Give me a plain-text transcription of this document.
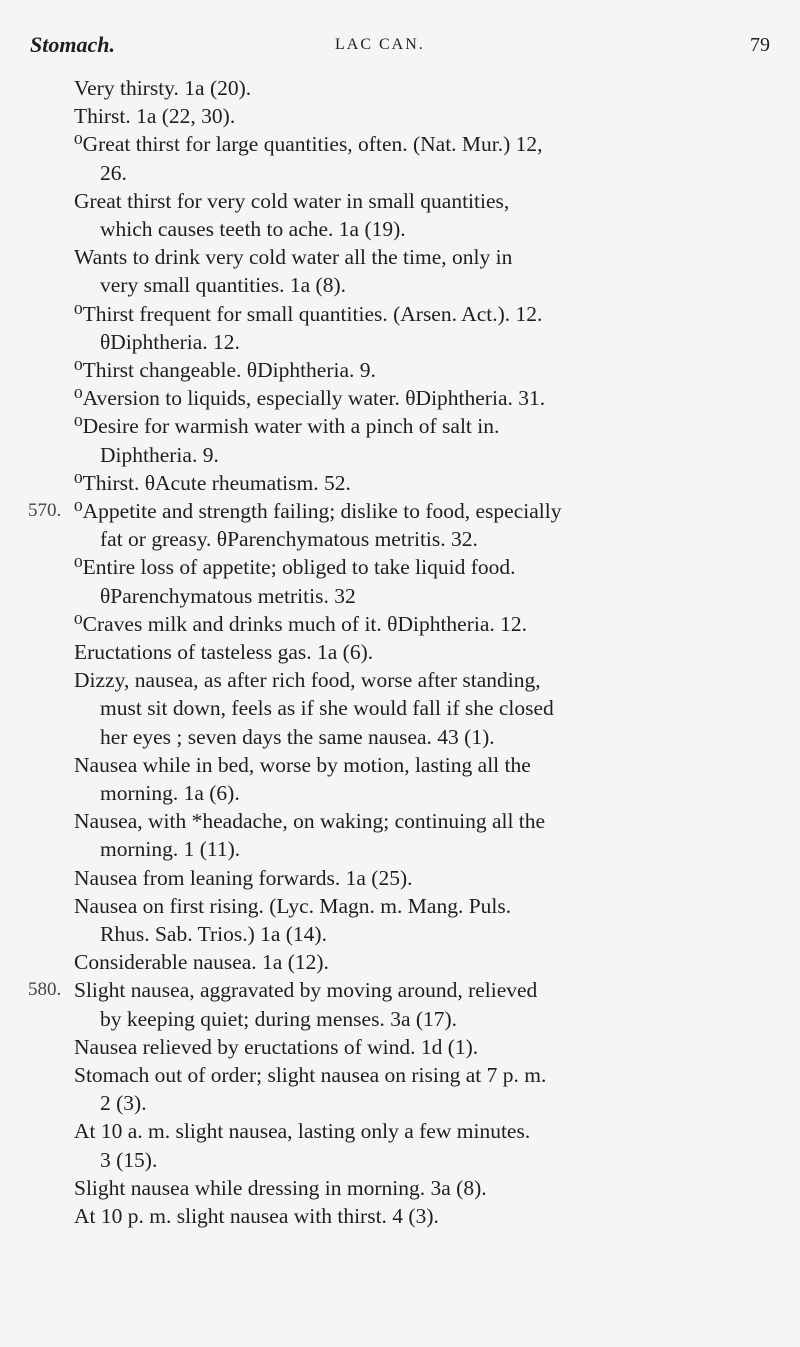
Stomach.	LAC CAN.	79
Very thirsty. 1a (20).
Thirst. 1a (22, 30).
⁰Great thirst for large quantities, often. (Nat. Mur.) 12,
26.
Great thirst for very cold water in small quantities,
which causes teeth to ache. 1a (19).
Wants to drink very cold water all the time, only in
very small quantities. 1a (8).
⁰Thirst frequent for small quantities. (Arsen. Act.). 12.
θDiphtheria. 12.
⁰Thirst changeable. θDiphtheria. 9.
⁰Aversion to liquids, especially water. θDiphtheria. 31.
⁰Desire for warmish water with a pinch of salt in.
Diphtheria. 9.
⁰Thirst. θAcute rheumatism. 52.
570. ⁰Appetite and strength failing; dislike to food, especially
fat or greasy. θParenchymatous metritis. 32.
⁰Entire loss of appetite; obliged to take liquid food.
θParenchymatous metritis. 32
⁰Craves milk and drinks much of it. θDiphtheria. 12.
Eructations of tasteless gas. 1a (6).
Dizzy, nausea, as after rich food, worse after standing,
must sit down, feels as if she would fall if she closed
her eyes ; seven days the same nausea. 43 (1).
Nausea while in bed, worse by motion, lasting all the
morning. 1a (6).
Nausea, with *headache, on waking; continuing all the
morning. 1 (11).
Nausea from leaning forwards. 1a (25).
Nausea on first rising. (Lyc. Magn. m. Mang. Puls.
Rhus. Sab. Trios.) 1a (14).
Considerable nausea. 1a (12).
580. Slight nausea, aggravated by moving around, relieved
by keeping quiet; during menses. 3a (17).
Nausea relieved by eructations of wind. 1d (1).
Stomach out of order; slight nausea on rising at 7 p. m.
2 (3).
At 10 a. m. slight nausea, lasting only a few minutes.
3 (15).
Slight nausea while dressing in morning. 3a (8).
At 10 p. m. slight nausea with thirst. 4 (3).
